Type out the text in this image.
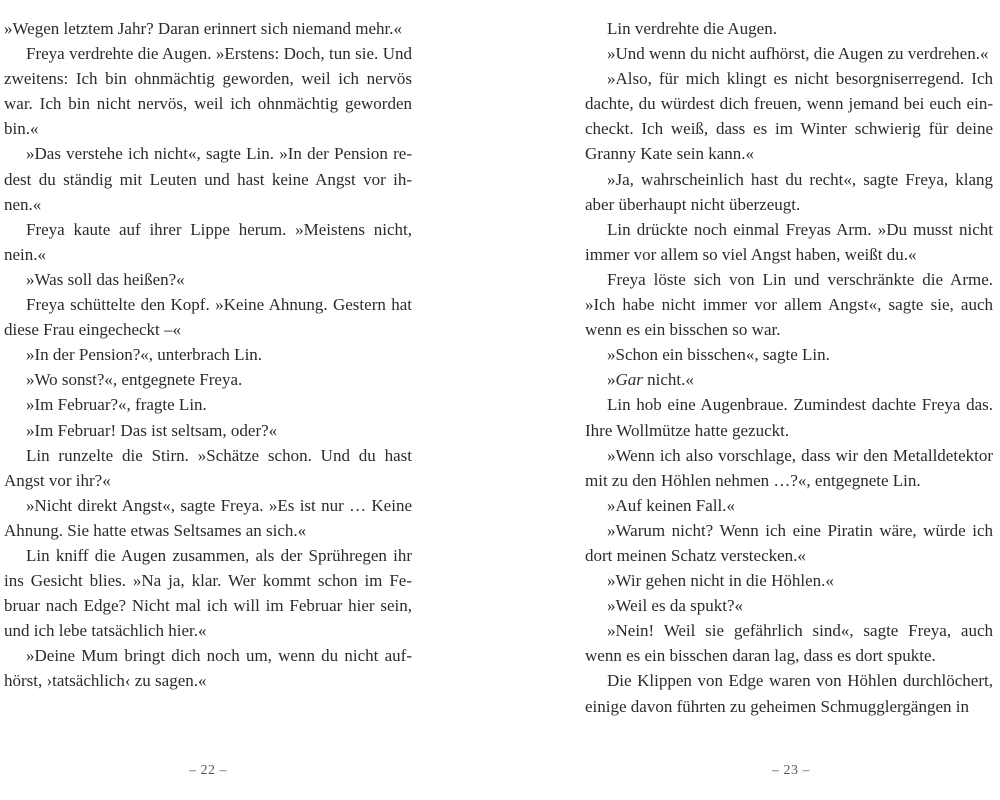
»Wegen letztem Jahr? Daran erinnert sich niemand mehr.«

Freya verdrehte die Augen. »Erstens: Doch, tun sie. Und zweitens: Ich bin ohnmächtig geworden, weil ich nervös war. Ich bin nicht nervös, weil ich ohnmächtig geworden bin.«

»Das verstehe ich nicht«, sagte Lin. »In der Pension redest du ständig mit Leuten und hast keine Angst vor ihnen.«

Freya kaute auf ihrer Lippe herum. »Meistens nicht, nein.«

»Was soll das heißen?«

Freya schüttelte den Kopf. »Keine Ahnung. Gestern hat diese Frau eingecheckt –«

»In der Pension?«, unterbrach Lin.

»Wo sonst?«, entgegnete Freya.

»Im Februar?«, fragte Lin.

»Im Februar! Das ist seltsam, oder?«

Lin runzelte die Stirn. »Schätze schon. Und du hast Angst vor ihr?«

»Nicht direkt Angst«, sagte Freya. »Es ist nur … Keine Ahnung. Sie hatte etwas Seltsames an sich.«

Lin kniff die Augen zusammen, als der Sprühregen ihr ins Gesicht blies. »Na ja, klar. Wer kommt schon im Februar nach Edge? Nicht mal ich will im Februar hier sein, und ich lebe tatsächlich hier.«

»Deine Mum bringt dich noch um, wenn du nicht aufhörst, ›tatsächlich‹ zu sagen.«

Lin verdrehte die Augen.

»Und wenn du nicht aufhörst, die Augen zu verdrehen.«

»Also, für mich klingt es nicht besorgniserregend. Ich dachte, du würdest dich freuen, wenn jemand bei euch eincheckt. Ich weiß, dass es im Winter schwierig für deine Granny Kate sein kann.«

»Ja, wahrscheinlich hast du recht«, sagte Freya, klang aber überhaupt nicht überzeugt.

Lin drückte noch einmal Freyas Arm. »Du musst nicht immer vor allem so viel Angst haben, weißt du.«

Freya löste sich von Lin und verschränkte die Arme. »Ich habe nicht immer vor allem Angst«, sagte sie, auch wenn es ein bisschen so war.

»Schon ein bisschen«, sagte Lin.

»Gar nicht.«

Lin hob eine Augenbraue. Zumindest dachte Freya das. Ihre Wollmütze hatte gezuckt.

»Wenn ich also vorschlage, dass wir den Metalldetektor mit zu den Höhlen nehmen …?«, entgegnete Lin.

»Auf keinen Fall.«

»Warum nicht? Wenn ich eine Piratin wäre, würde ich dort meinen Schatz verstecken.«

»Wir gehen nicht in die Höhlen.«

»Weil es da spukt?«

»Nein! Weil sie gefährlich sind«, sagte Freya, auch wenn es ein bisschen daran lag, dass es dort spukte.

Die Klippen von Edge waren von Höhlen durchlöchert, einige davon führten zu geheimen Schmugglergängen in

– 22 –	– 23 –
